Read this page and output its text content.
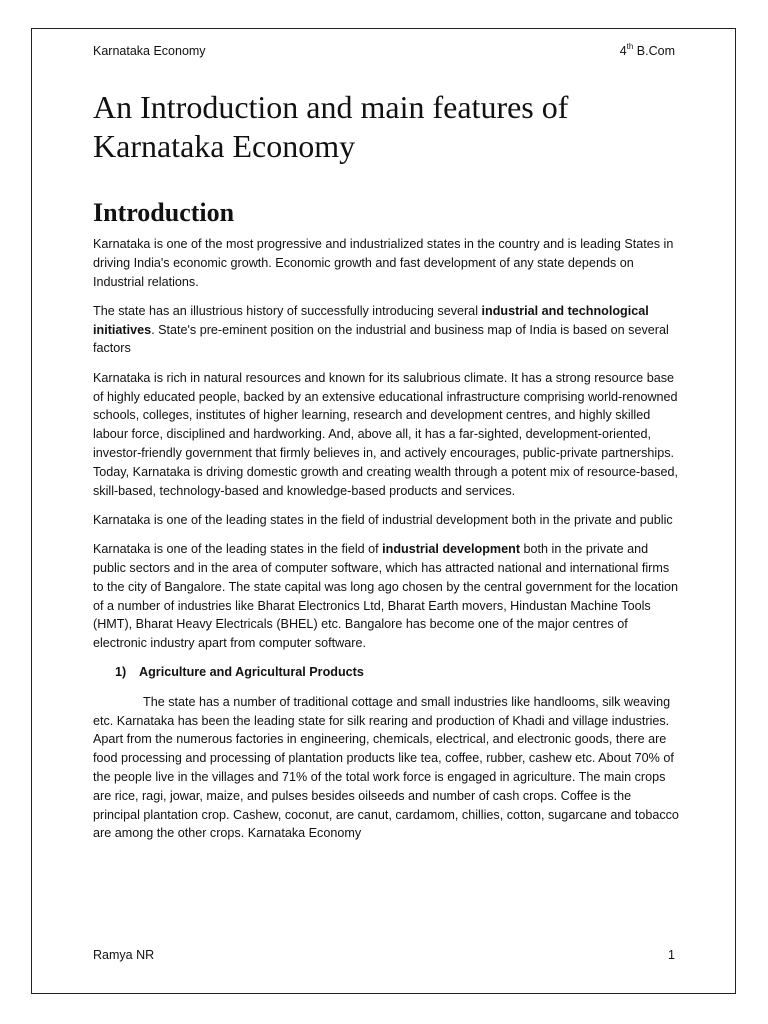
Karnataka Economy	4th B.Com
An Introduction and main features of Karnataka Economy
Introduction

Karnataka is one of the most progressive and industrialized states in the country and is leading States in driving India's economic growth. Economic growth and fast development of any state depends on Industrial relations.

The state has an illustrious history of successfully introducing several industrial and technological initiatives. State's pre-eminent position on the industrial and business map of India is based on several factors

Karnataka is rich in natural resources and known for its salubrious climate. It has a strong resource base of highly educated people, backed by an extensive educational infrastructure comprising world-renowned schools, colleges, institutes of higher learning, research and development centres, and highly skilled labour force, disciplined and hardworking. And, above all, it has a far-sighted, development-oriented, investor-friendly government that firmly believes in, and actively encourages, public-private partnerships. Today, Karnataka is driving domestic growth and creating wealth through a potent mix of resource-based, skill-based, technology-based and knowledge-based products and services.

Karnataka is one of the leading states in the field of industrial development both in the private and public

Karnataka is one of the leading states in the field of industrial development both in the private and public sectors and in the area of computer software, which has attracted national and international firms to the city of Bangalore. The state capital was long ago chosen by the central government for the location of a number of industries like Bharat Electronics Ltd, Bharat Earth movers, Hindustan Machine Tools (HMT), Bharat Heavy Electricals (BHEL) etc. Bangalore has become one of the major centres of electronic industry apart from computer software.

1) Agriculture and Agricultural Products

The state has a number of traditional cottage and small industries like handlooms, silk weaving etc. Karnataka has been the leading state for silk rearing and production of Khadi and village industries. Apart from the numerous factories in engineering, chemicals, electrical, and electronic goods, there are food processing and processing of plantation products like tea, coffee, rubber, cashew etc. About 70% of the people live in the villages and 71% of the total work force is engaged in agriculture. The main crops are rice, ragi, jowar, maize, and pulses besides oilseeds and number of cash crops. Coffee is the principal plantation crop. Cashew, coconut, are canut, cardamom, chillies, cotton, sugarcane and tobacco are among the other crops. Karnataka Economy

Ramya NR	1
